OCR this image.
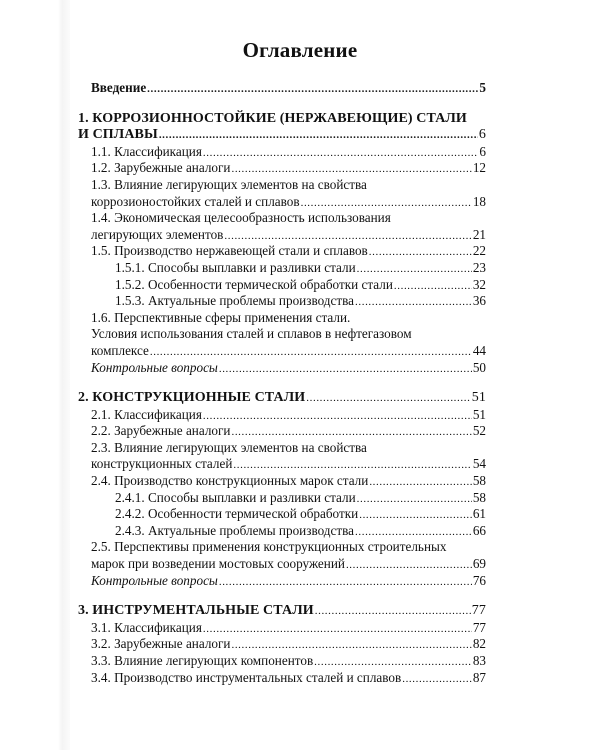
Оглавление
Введение .....	5
1. КОРРОЗИОННОСТОЙКИЕ (НЕРЖАВЕЮЩИЕ) СТАЛИ
И СПЛАВЫ .....	6
1.1. Классификация .....	6
1.2. Зарубежные аналоги .....	12
1.3. Влияние легирующих элементов на свойства
коррозионостойких сталей и сплавов .....	18
1.4. Экономическая целесообразность использования
легирующих элементов .....	21
1.5. Производство нержавеющей стали и сплавов .....	22
1.5.1. Способы выплавки и разливки стали .....	23
1.5.2. Особенности термической обработки стали .....	32
1.5.3. Актуальные проблемы производства .....	36
1.6. Перспективные сферы применения стали.
Условия использования сталей и сплавов в нефтегазовом
комплексе .....	44
Контрольные вопросы .....	50
2. КОНСТРУКЦИОННЫЕ СТАЛИ .....	51
2.1. Классификация .....	51
2.2. Зарубежные аналоги .....	52
2.3. Влияние легирующих элементов на свойства
конструкционных сталей .....	54
2.4. Производство конструкционных марок стали .....	58
2.4.1. Способы выплавки и разливки стали .....	58
2.4.2. Особенности термической обработки .....	61
2.4.3. Актуальные проблемы производства .....	66
2.5. Перспективы применения конструкционных строительных
марок при возведении мостовых сооружений .....	69
Контрольные вопросы .....	76
3. ИНСТРУМЕНТАЛЬНЫЕ СТАЛИ .....	77
3.1. Классификация .....	77
3.2. Зарубежные аналоги .....	82
3.3. Влияние легирующих компонентов .....	83
3.4. Производство инструментальных сталей и сплавов .....	87
